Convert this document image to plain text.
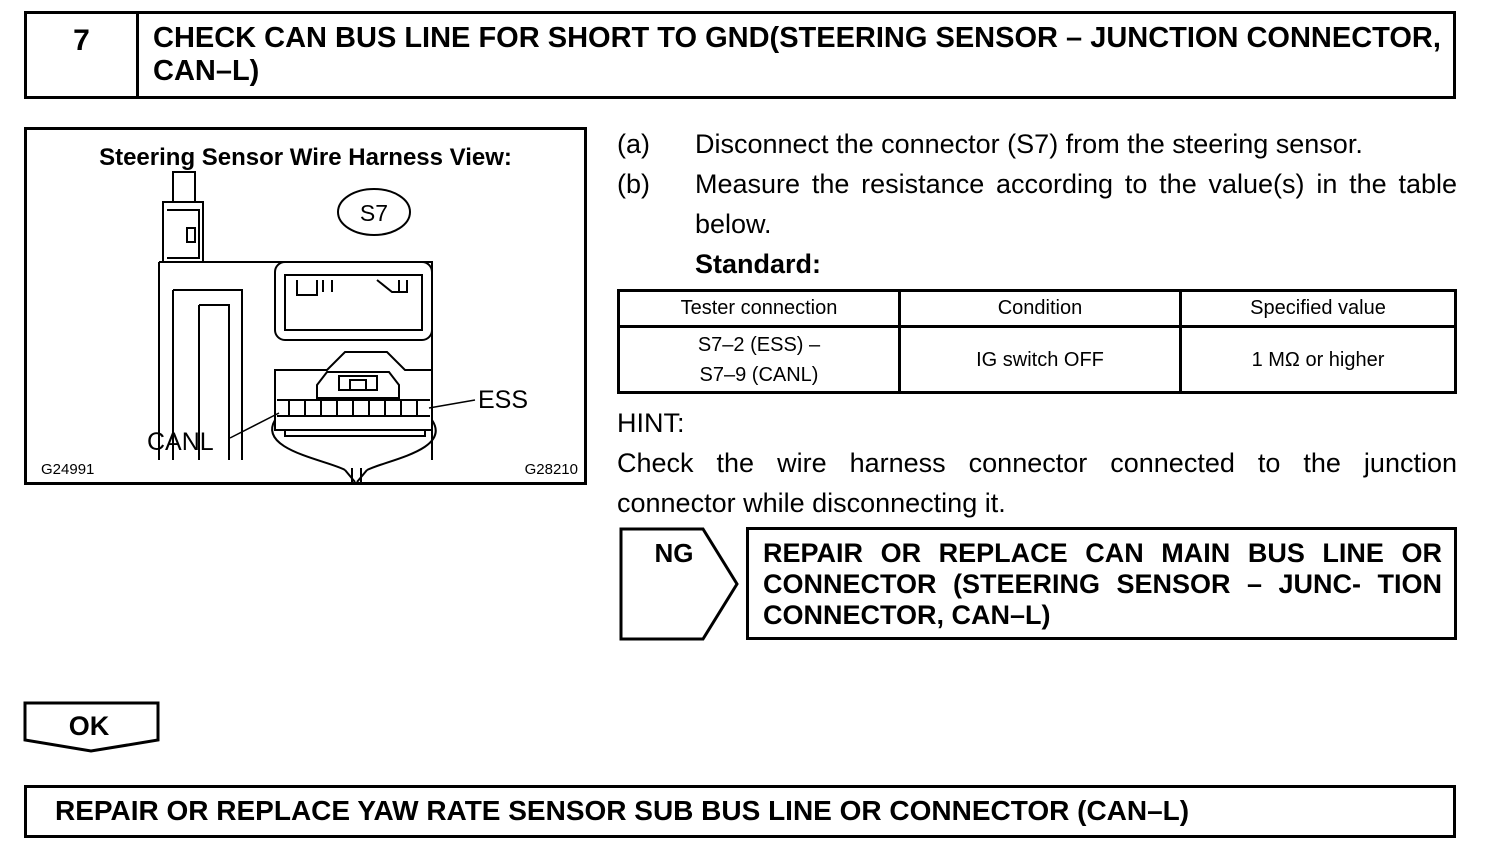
7	CHECK CAN BUS LINE FOR SHORT TO GND(STEERING SENSOR – JUNCTION CONNECTOR, CAN–L)
Steering Sensor Wire Harness View:
S7
ESS
CANL
G24991	G28210
(a)	Disconnect the connector (S7) from the steering sensor.
(b)	Measure the resistance according to the value(s) in the table below.
Standard:
Tester connection	Condition	Specified value

S7–2 (ESS) –
S7–9 (CANL)	IG switch OFF	1 MΩ or higher
HINT:
Check the wire harness connector connected to the junction connector while disconnecting it.
NG	REPAIR OR REPLACE CAN MAIN BUS LINE OR CONNECTOR (STEERING SENSOR – JUNC- TION CONNECTOR, CAN–L)
OK
REPAIR OR REPLACE YAW RATE SENSOR SUB BUS LINE OR CONNECTOR (CAN–L)
